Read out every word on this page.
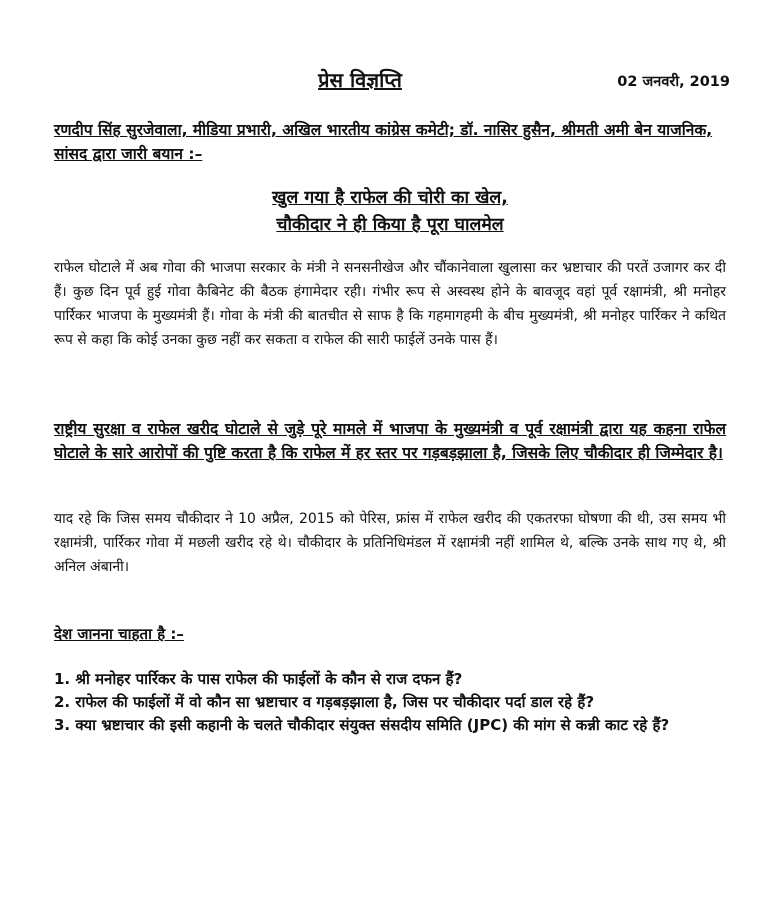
प्रेस विज्ञप्ति	02 जनवरी, 2019
रणदीप सिंह सुरजेवाला, मीडिया प्रभारी, अखिल भारतीय कांग्रेस कमेटी; डॉ. नासिर हुसैन, श्रीमती अमी बेन याजनिक, सांसद द्वारा जारी बयान :–
खुल गया है राफेल की चोरी का खेल,
चौकीदार ने ही किया है पूरा घालमेल
राफेल घोटाले में अब गोवा की भाजपा सरकार के मंत्री ने सनसनीखेज और चौंकानेवाला खुलासा कर भ्रष्टाचार की परतें उजागर कर दी हैं। कुछ दिन पूर्व हुई गोवा कैबिनेट की बैठक हंगामेदार रही। गंभीर रूप से अस्वस्थ होने के बावजूद वहां पूर्व रक्षामंत्री, श्री मनोहर पार्रिकर भाजपा के मुख्यमंत्री हैं। गोवा के मंत्री की बातचीत से साफ है कि गहमागहमी के बीच मुख्यमंत्री, श्री मनोहर पार्रिकर ने कथित रूप से कहा कि कोई उनका कुछ नहीं कर सकता व राफेल की सारी फाईलें उनके पास हैं।
राष्ट्रीय सुरक्षा व राफेल खरीद घोटाले से जुड़े पूरे मामले में भाजपा के मुख्यमंत्री व पूर्व रक्षामंत्री द्वारा यह कहना राफेल घोटाले के सारे आरोपों की पुष्टि करता है कि राफेल में हर स्तर पर गड़बड़झाला है, जिसके लिए चौकीदार ही जिम्मेदार है।
याद रहे कि जिस समय चौकीदार ने 10 अप्रैल, 2015 को पेरिस, फ्रांस में राफेल खरीद की एकतरफा घोषणा की थी, उस समय भी रक्षामंत्री, पार्रिकर गोवा में मछली खरीद रहे थे। चौकीदार के प्रतिनिधिमंडल में रक्षामंत्री नहीं शामिल थे, बल्कि उनके साथ गए थे, श्री अनिल अंबानी।
देश जानना चाहता है :–
1. श्री मनोहर पार्रिकर के पास राफेल की फाईलों के कौन से राज दफन हैं?
2. राफेल की फाईलों में वो कौन सा भ्रष्टाचार व गड़बड़झाला है, जिस पर चौकीदार पर्दा डाल रहे हैं?
3. क्या भ्रष्टाचार की इसी कहानी के चलते चौकीदार संयुक्त संसदीय समिति (JPC) की मांग से कन्नी काट रहे हैं?
